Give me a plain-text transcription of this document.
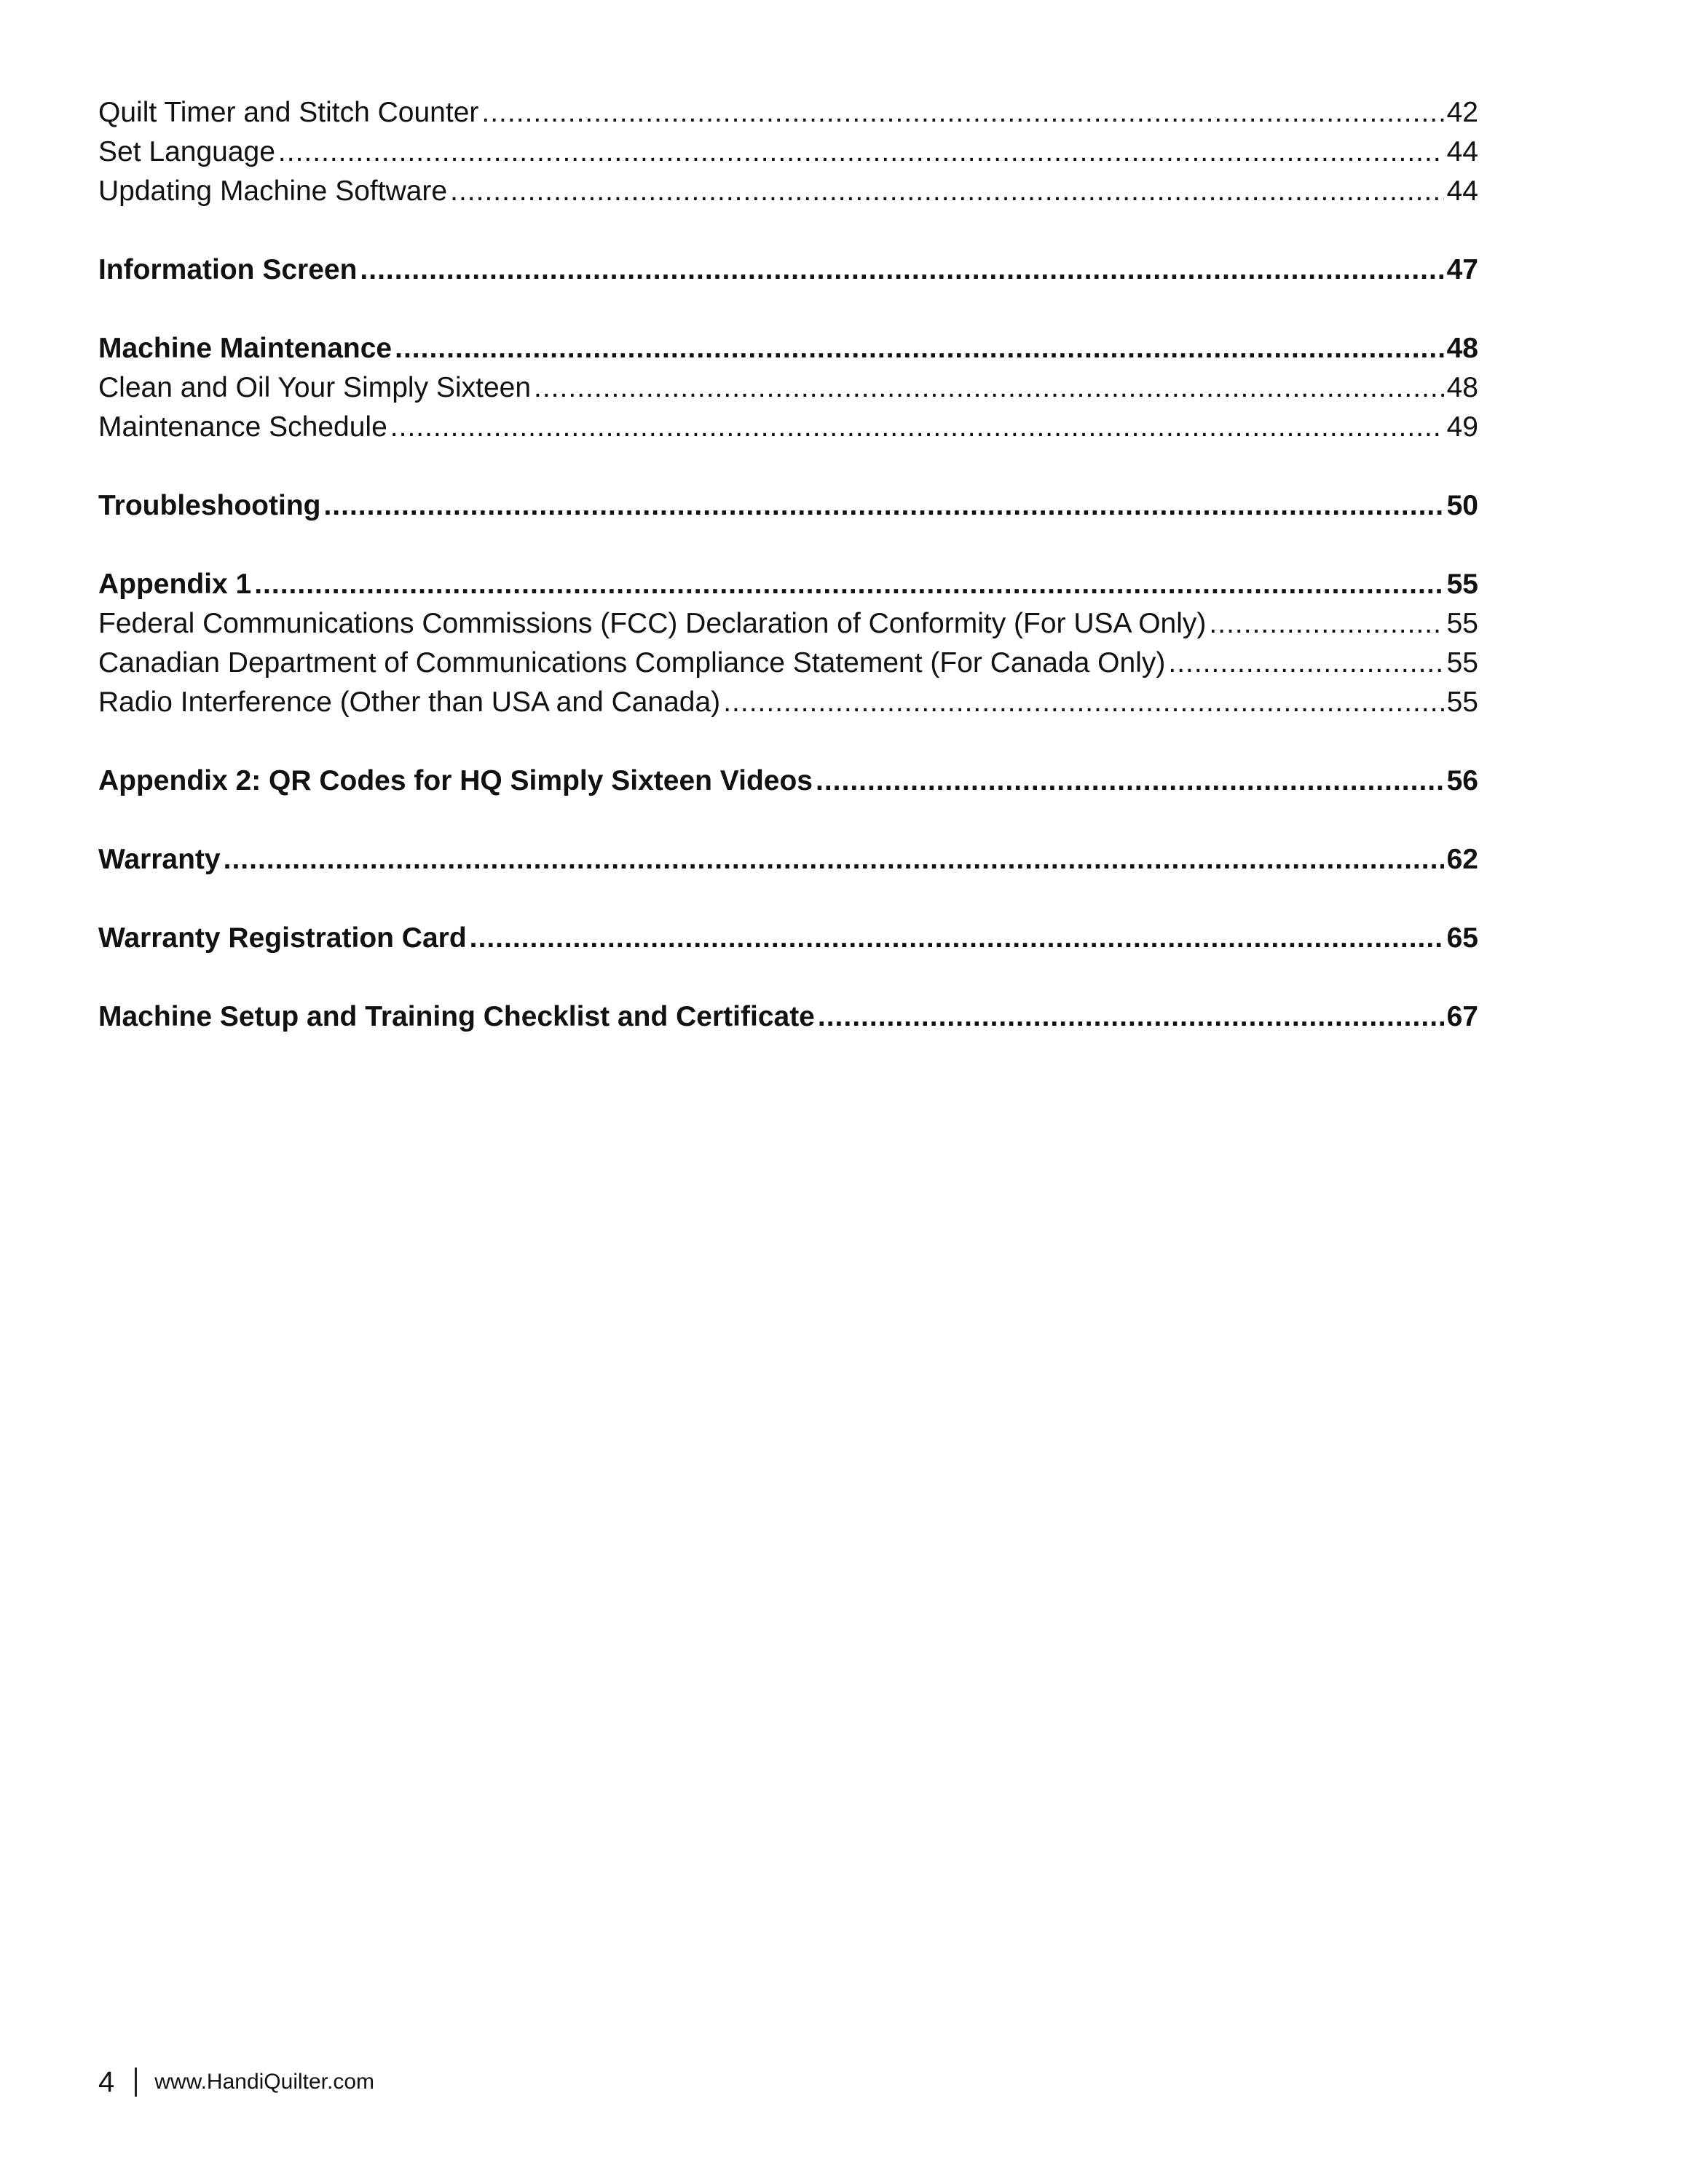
Quilt Timer and Stitch Counter .....	42
Set Language .....	44
Updating Machine Software .....	44
Information Screen .....	47
Machine Maintenance .....	48
Clean and Oil Your Simply Sixteen .....	48
Maintenance Schedule .....	49
Troubleshooting .....	50
Appendix 1 .....	55
Federal Communications Commissions (FCC) Declaration of Conformity (For USA Only) .....	55
Canadian Department of Communications Compliance Statement (For Canada Only) .....	55
Radio Interference (Other than USA and Canada) .....	55
Appendix 2: QR Codes for HQ Simply Sixteen Videos .....	56
Warranty .....	62
Warranty Registration Card .....	65
Machine Setup and Training Checklist and Certificate .....	67
4 www.HandiQuilter.com
